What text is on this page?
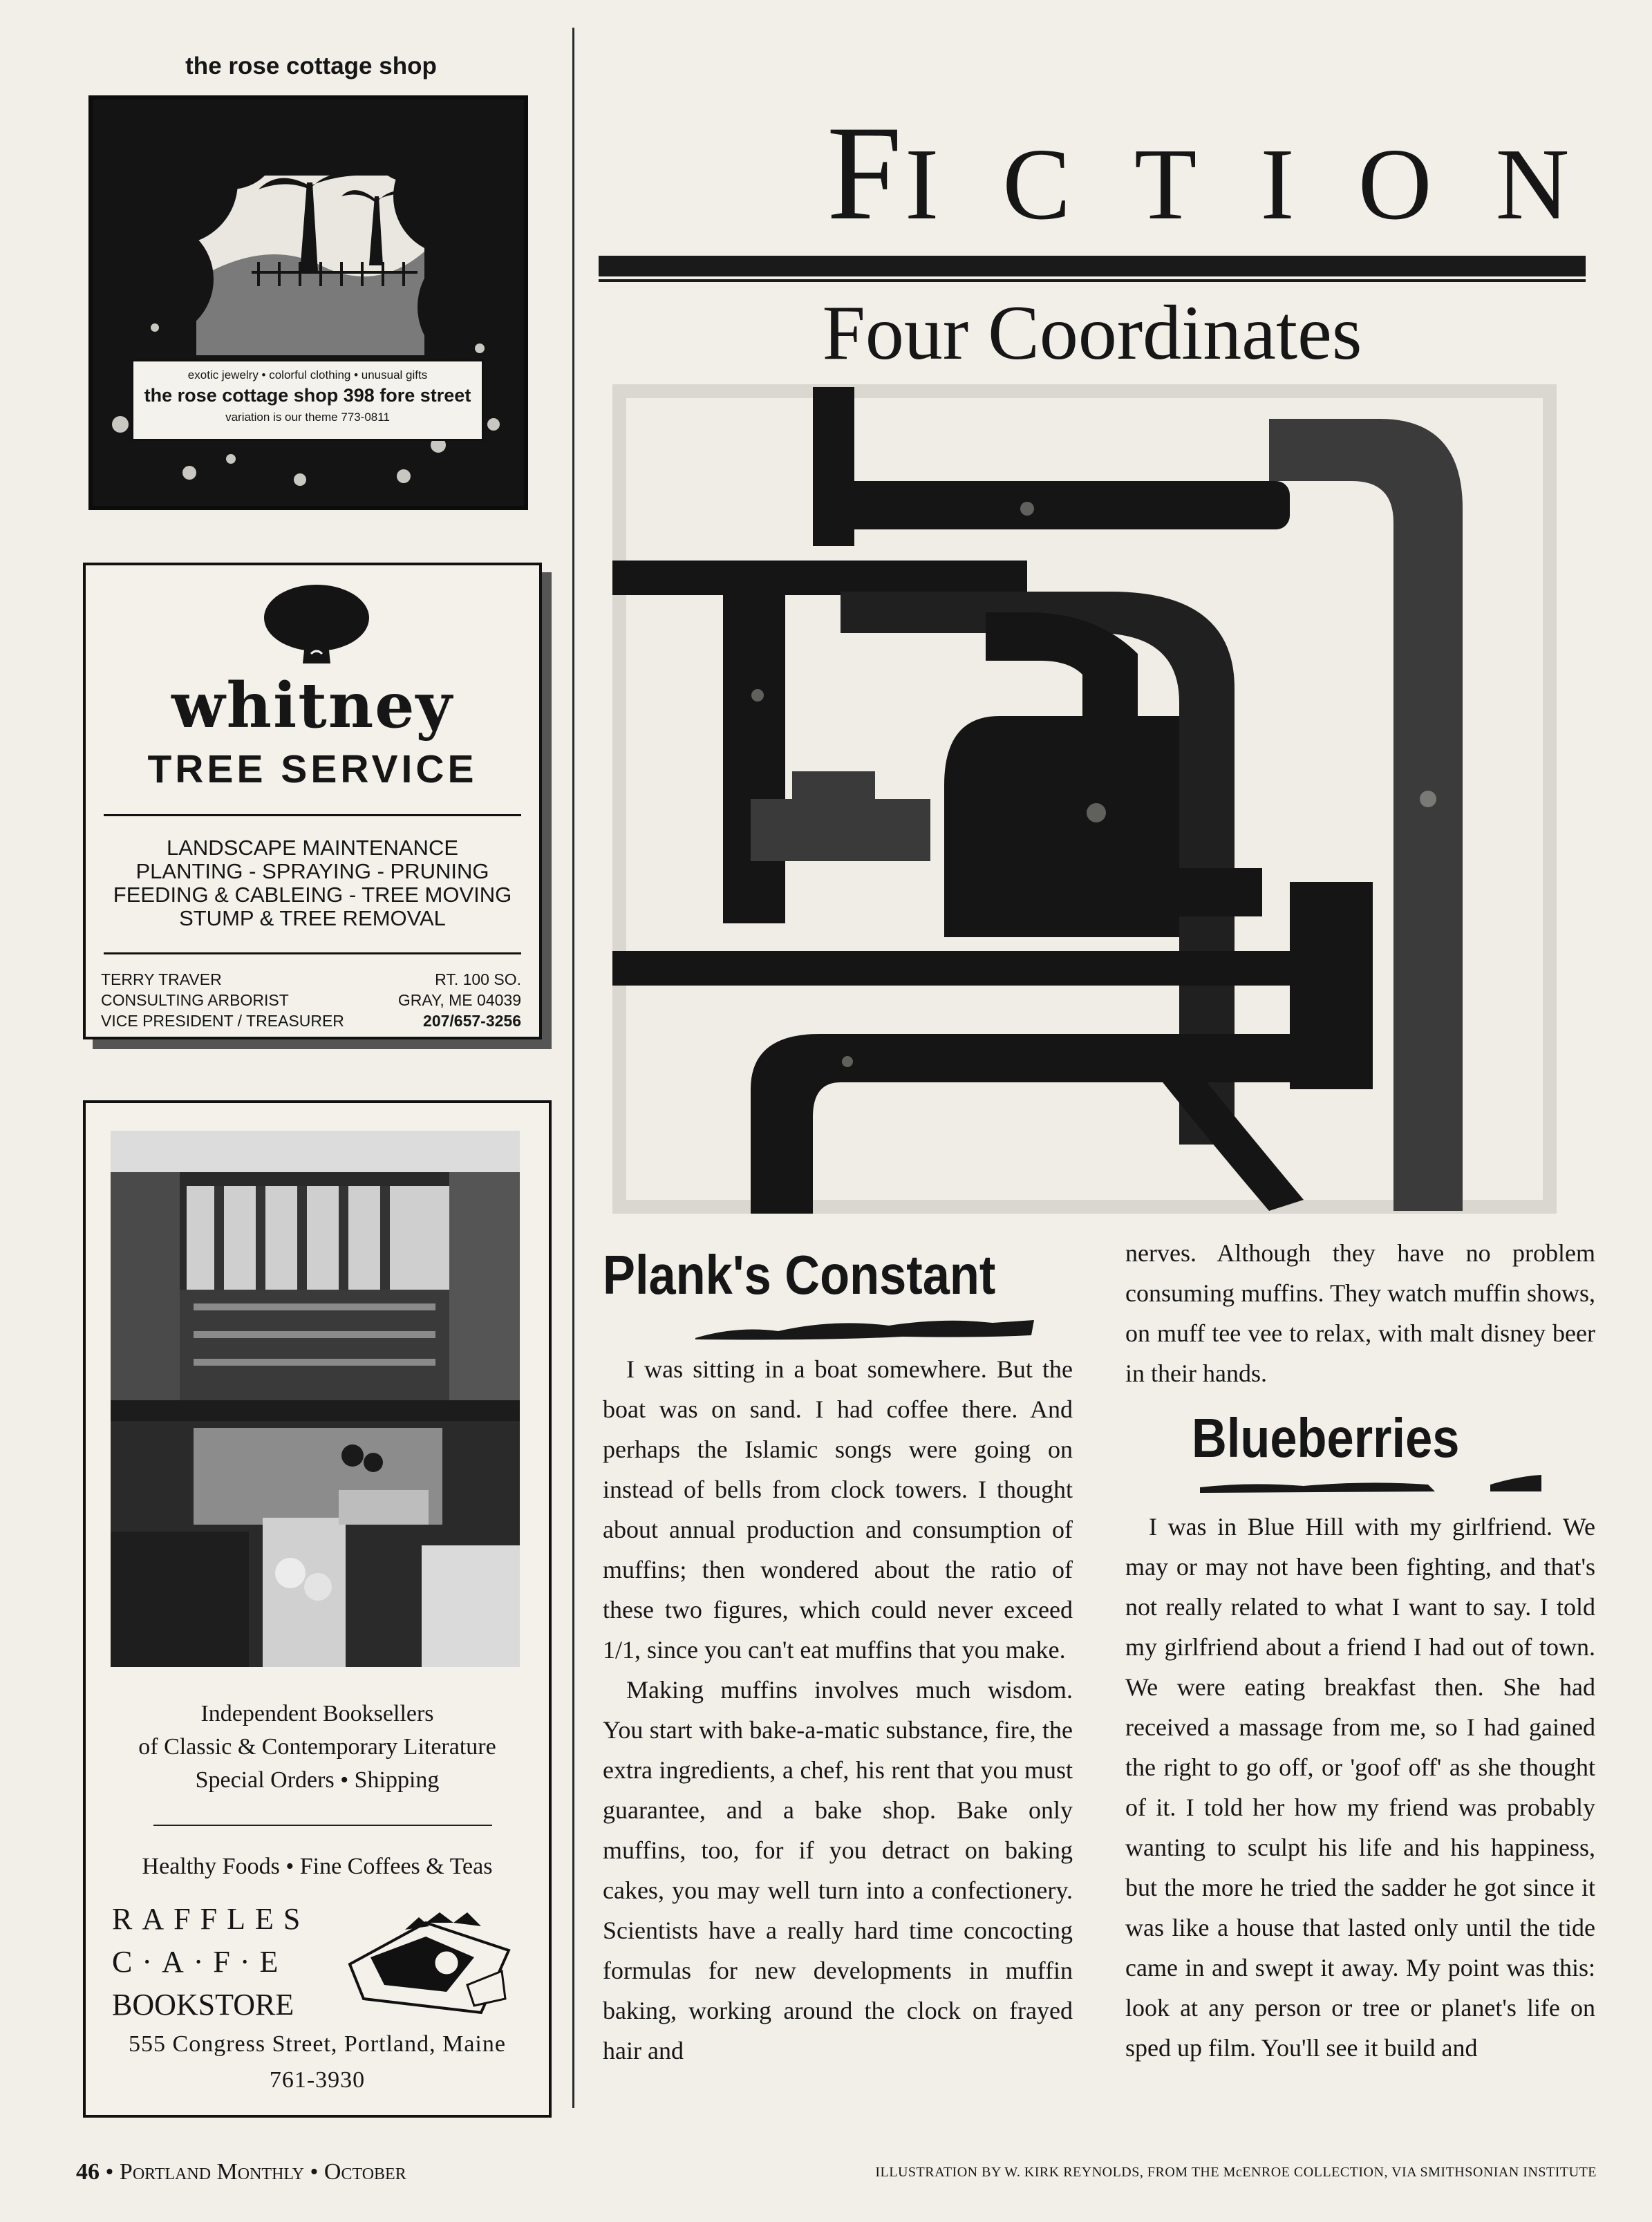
the rose cottage shop
exotic jewelry • colorful clothing • unusual gifts
the rose cottage shop 398 fore street
variation is our theme 773-0811
whitney
TREE SERVICE
LANDSCAPE MAINTENANCE
PLANTING - SPRAYING - PRUNING
FEEDING & CABLEING - TREE MOVING
STUMP & TREE REMOVAL
TERRY TRAVER
CONSULTING ARBORIST
VICE PRESIDENT / TREASURER
RT. 100 SO.
GRAY, ME 04039
207/657-3256
Independent Booksellers
of Classic & Contemporary Literature
Special Orders • Shipping
Healthy Foods • Fine Coffees & Teas
RAFFLES
C·A·F·E
BOOKSTORE
555 Congress Street, Portland, Maine
761-3930
FICTION
Four Coordinates
Plank's Constant

I was sitting in a boat somewhere. But the boat was on sand. I had coffee there. And perhaps the Islamic songs were going on instead of bells from clock towers. I thought about annual production and consumption of muffins; then wondered about the ratio of these two figures, which could never exceed 1/1, since you can't eat muffins that you make.

Making muffins involves much wisdom. You start with bake-a-matic substance, fire, the extra ingredients, a chef, his rent that you must guarantee, and a bake shop. Bake only muffins, too, for if you detract on baking cakes, you may well turn into a confectionery. Scientists have a really hard time concocting formulas for new developments in muffin baking, working around the clock on frayed hair and

nerves. Although they have no problem consuming muffins. They watch muffin shows, on muff tee vee to relax, with malt disney beer in their hands.

Blueberries

I was in Blue Hill with my girlfriend. We may or may not have been fighting, and that's not really related to what I want to say. I told my girlfriend about a friend I had out of town. We were eating breakfast then. She had received a massage from me, so I had gained the right to go off, or 'goof off' as she thought of it. I told her how my friend was probably wanting to sculpt his life and his happiness, but the more he tried the sadder he got since it was like a house that lasted only until the tide came in and swept it away. My point was this: look at any person or tree or planet's life on sped up film. You'll see it build and

46 • Portland Monthly • October	ILLUSTRATION BY W. KIRK REYNOLDS, FROM THE McENROE COLLECTION, VIA SMITHSONIAN INSTITUTE
